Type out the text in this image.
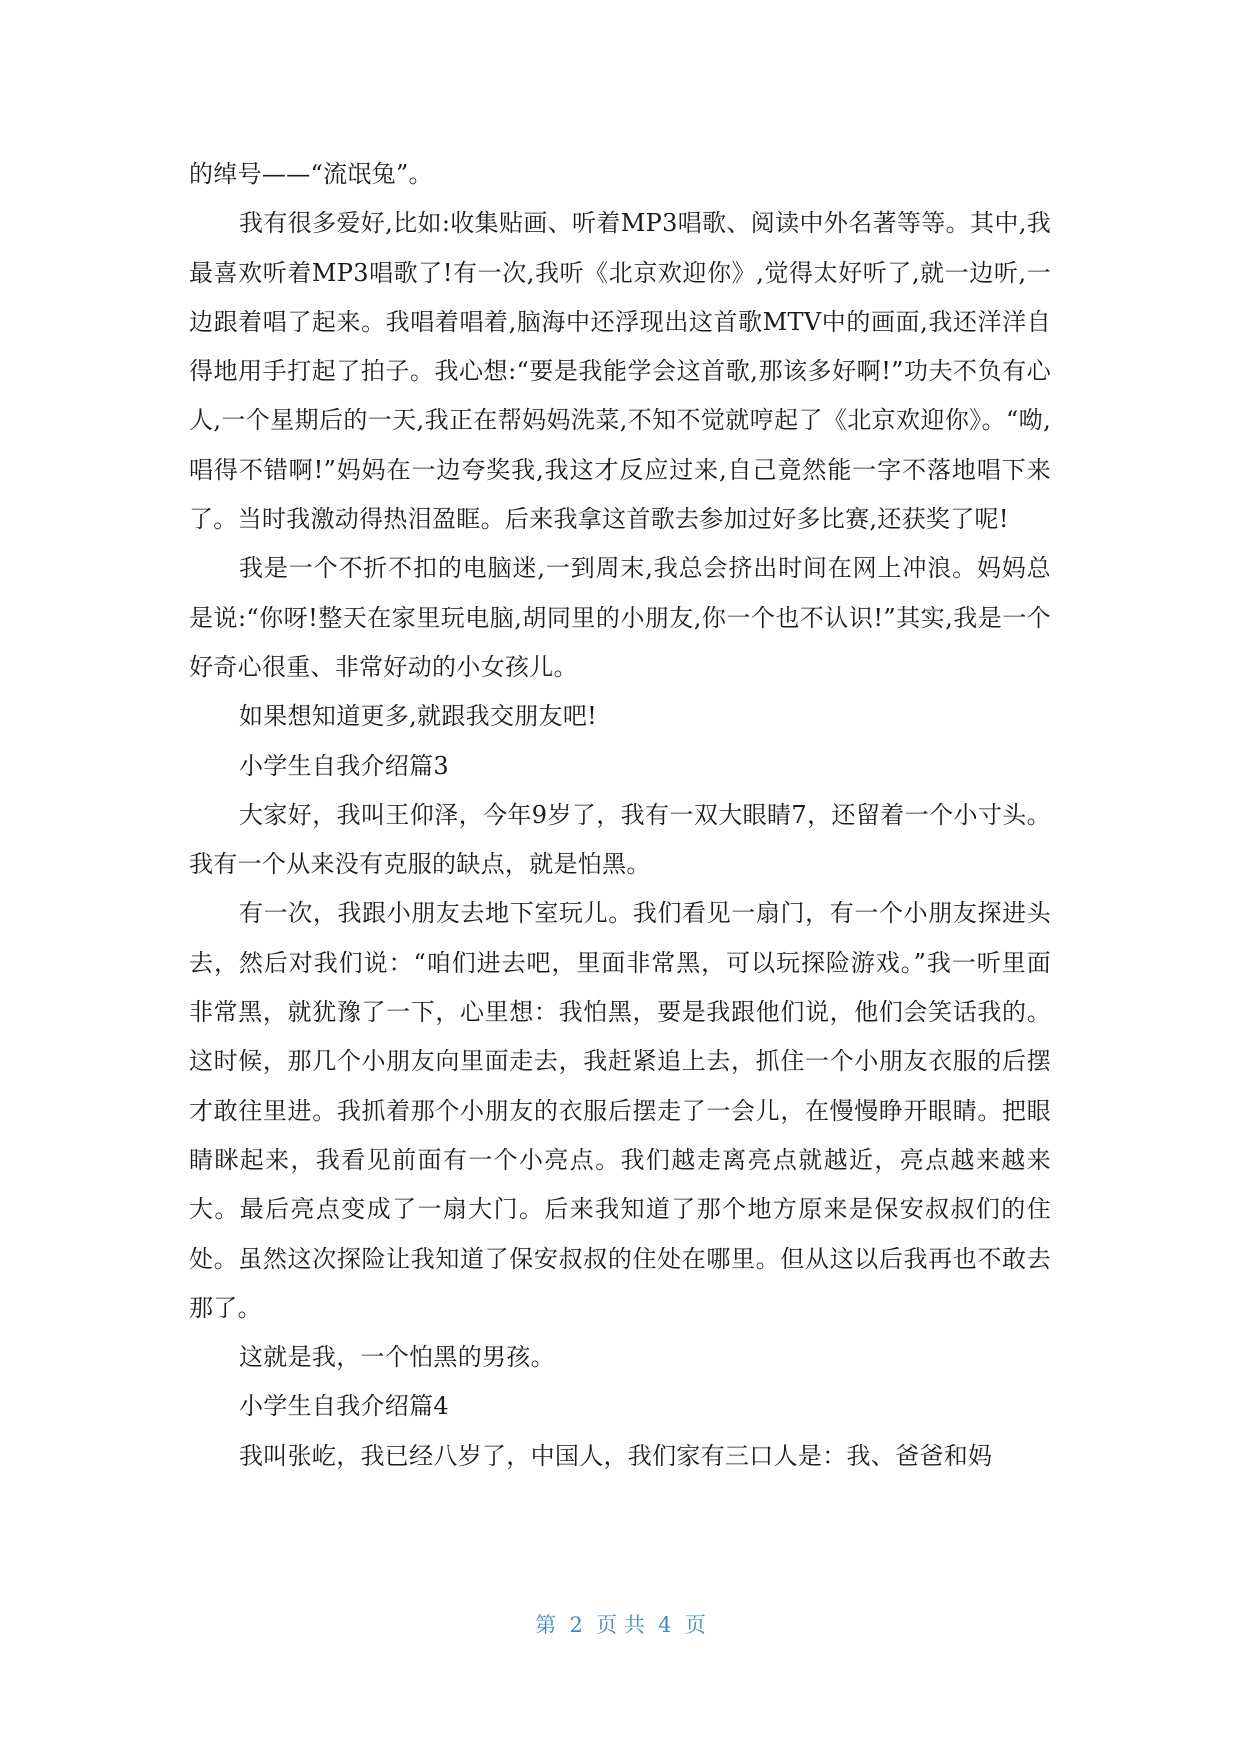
的绰号——“流氓兔”。

我有很多爱好,比如:收集贴画、听着MP3唱歌、阅读中外名著等等。其中,我最喜欢听着MP3唱歌了!有一次,我听《北京欢迎你》,觉得太好听了,就一边听,一边跟着唱了起来。我唱着唱着,脑海中还浮现出这首歌MTV中的画面,我还洋洋自得地用手打起了拍子。我心想:“要是我能学会这首歌,那该多好啊!”功夫不负有心人,一个星期后的一天,我正在帮妈妈洗菜,不知不觉就哼起了《北京欢迎你》。“呦,唱得不错啊!”妈妈在一边夸奖我,我这才反应过来,自己竟然能一字不落地唱下来了。当时我激动得热泪盈眶。后来我拿这首歌去参加过好多比赛,还获奖了呢!

我是一个不折不扣的电脑迷,一到周末,我总会挤出时间在网上冲浪。妈妈总是说:“你呀!整天在家里玩电脑,胡同里的小朋友,你一个也不认识!”其实,我是一个好奇心很重、非常好动的小女孩儿。

如果想知道更多,就跟我交朋友吧!

小学生自我介绍篇3

大家好，我叫王仰泽，今年9岁了，我有一双大眼睛7，还留着一个小寸头。我有一个从来没有克服的缺点，就是怕黑。

有一次，我跟小朋友去地下室玩儿。我们看见一扇门，有一个小朋友探进头去，然后对我们说：“咱们进去吧，里面非常黑，可以玩探险游戏。”我一听里面非常黑，就犹豫了一下，心里想：我怕黑，要是我跟他们说，他们会笑话我的。这时候，那几个小朋友向里面走去，我赶紧追上去，抓住一个小朋友衣服的后摆才敢往里进。我抓着那个小朋友的衣服后摆走了一会儿，在慢慢睁开眼睛。把眼睛眯起来，我看见前面有一个小亮点。我们越走离亮点就越近，亮点越来越来大。最后亮点变成了一扇大门。后来我知道了那个地方原来是保安叔叔们的住处。虽然这次探险让我知道了保安叔叔的住处在哪里。但从这以后我再也不敢去那了。

这就是我，一个怕黑的男孩。

小学生自我介绍篇4

我叫张屹，我已经八岁了，中国人，我们家有三口人是：我、爸爸和妈

第  2  页 共  4  页
